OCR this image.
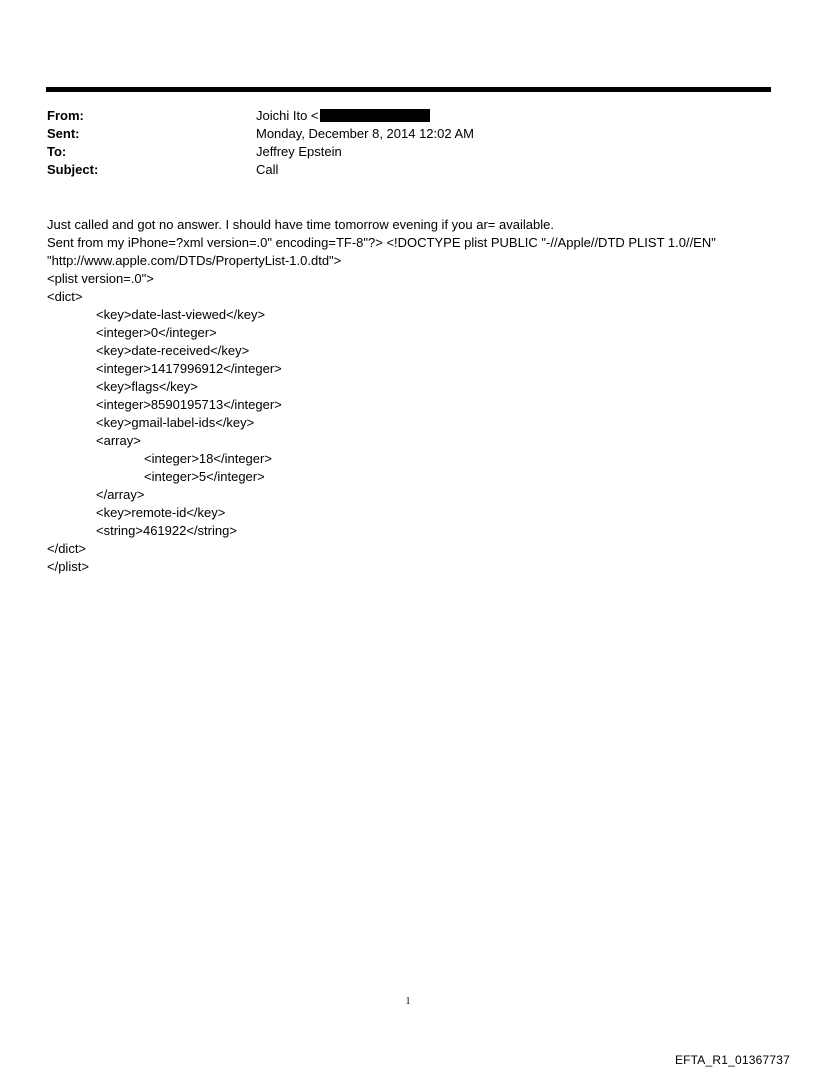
From:	Joichi Ito <
Sent:	Monday, December 8, 2014 12:02 AM
To:	Jeffrey Epstein
Subject:	Call
Just called and got no answer. I should have time tomorrow evening if you ar= available.
Sent from my iPhone=?xml version=.0" encoding=TF-8"?> <!DOCTYPE plist PUBLIC "-//Apple//DTD PLIST 1.0//EN"
"http://www.apple.com/DTDs/PropertyList-1.0.dtd">
<plist version=.0">
<dict>
<key>date-last-viewed</key>
<integer>0</integer>
<key>date-received</key>
<integer>1417996912</integer>
<key>flags</key>
<integer>8590195713</integer>
<key>gmail-label-ids</key>
<array>
<integer>18</integer>
<integer>5</integer>
</array>
<key>remote-id</key>
<string>461922</string>
</dict>
</plist>
1
EFTA_R1_01367737
